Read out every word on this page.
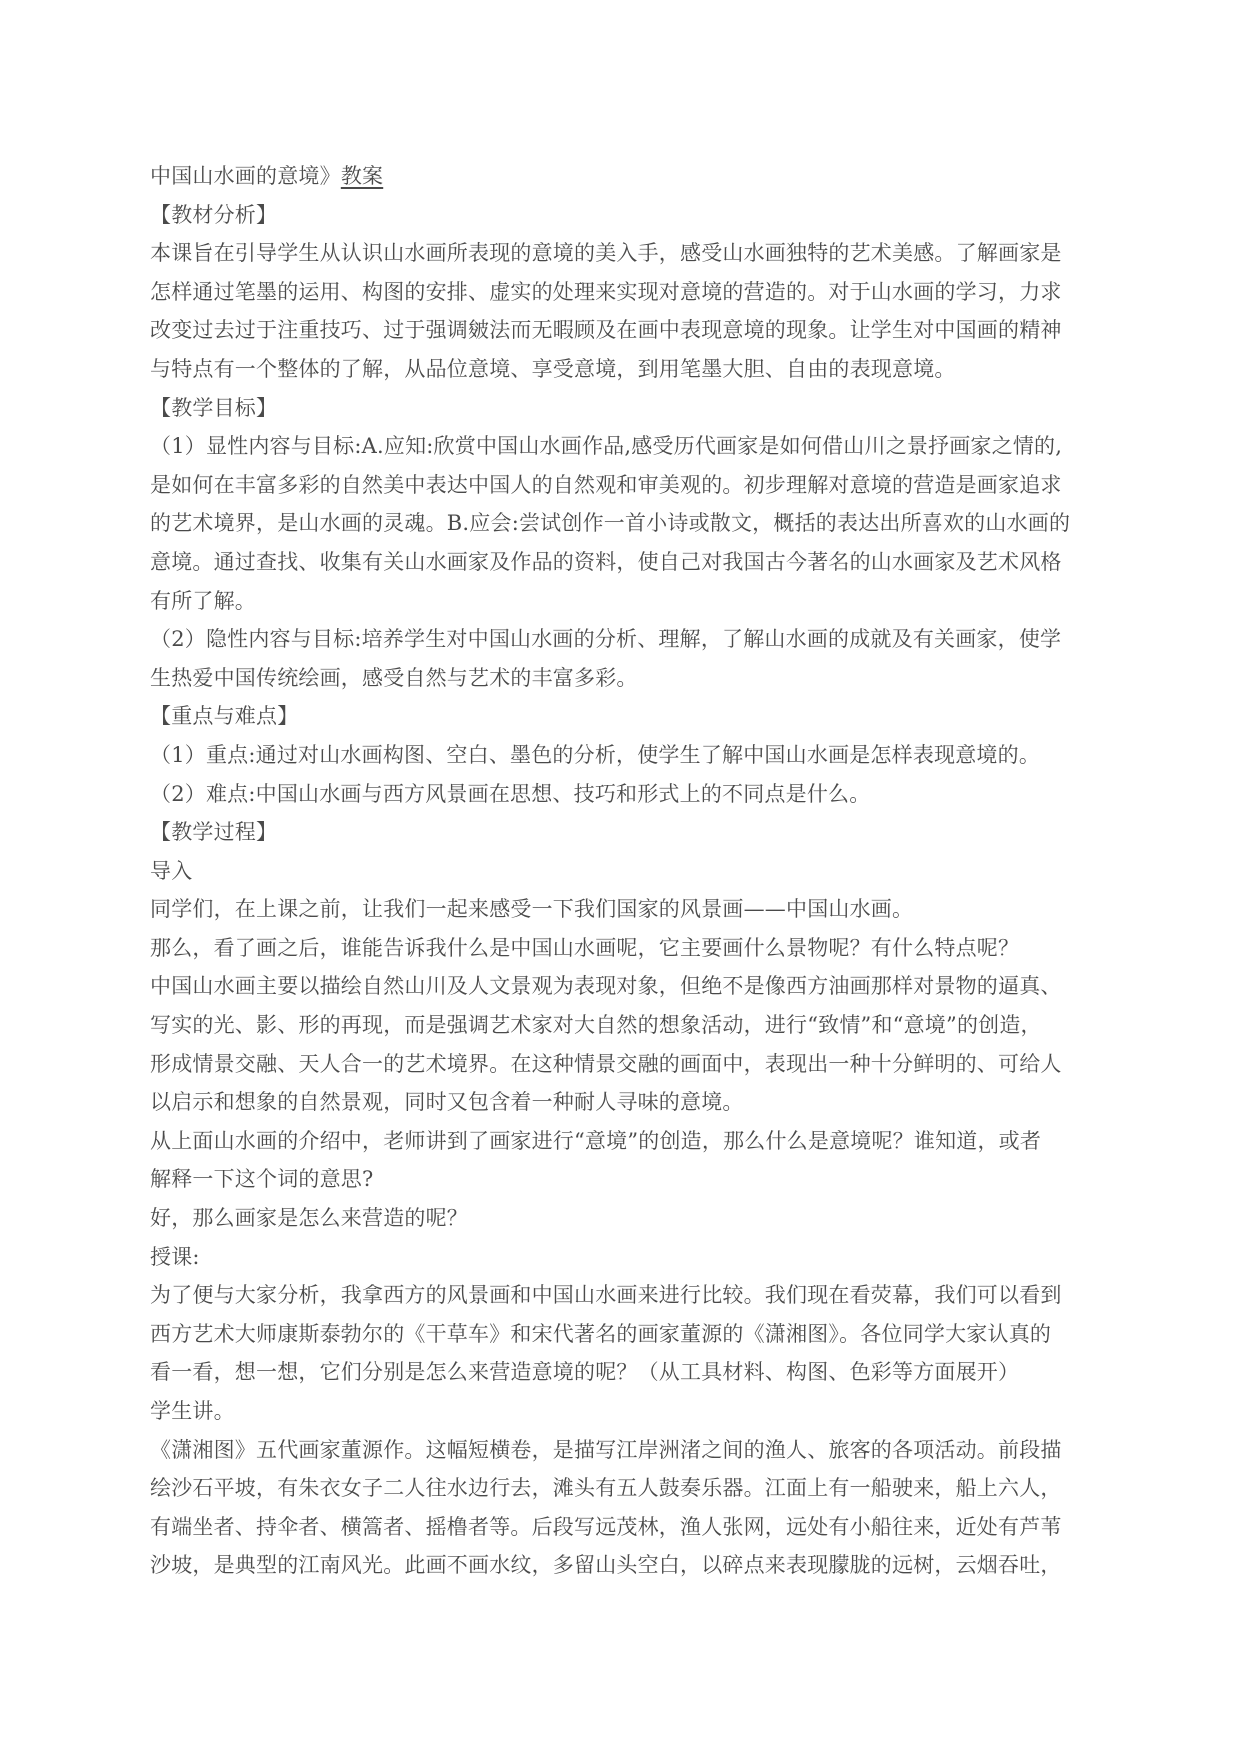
中国山水画的意境》教案

【教材分析】

本课旨在引导学生从认识山水画所表现的意境的美入手，感受山水画独特的艺术美感。了解画家是

怎样通过笔墨的运用、构图的安排、虚实的处理来实现对意境的营造的。对于山水画的学习，力求

改变过去过于注重技巧、过于强调皴法而无暇顾及在画中表现意境的现象。让学生对中国画的精神

与特点有一个整体的了解，从品位意境、享受意境，到用笔墨大胆、自由的表现意境。

【教学目标】

（1）显性内容与目标:A.应知:欣赏中国山水画作品,感受历代画家是如何借山川之景抒画家之情的,

是如何在丰富多彩的自然美中表达中国人的自然观和审美观的。初步理解对意境的营造是画家追求

的艺术境界，是山水画的灵魂。B.应会:尝试创作一首小诗或散文，概括的表达出所喜欢的山水画的

意境。通过查找、收集有关山水画家及作品的资料，使自己对我国古今著名的山水画家及艺术风格

有所了解。

（2）隐性内容与目标:培养学生对中国山水画的分析、理解，了解山水画的成就及有关画家，使学

生热爱中国传统绘画，感受自然与艺术的丰富多彩。

【重点与难点】

（1）重点:通过对山水画构图、空白、墨色的分析，使学生了解中国山水画是怎样表现意境的。

（2）难点:中国山水画与西方风景画在思想、技巧和形式上的不同点是什么。

【教学过程】

导入

同学们，在上课之前，让我们一起来感受一下我们国家的风景画——中国山水画。

那么，看了画之后，谁能告诉我什么是中国山水画呢，它主要画什么景物呢？有什么特点呢？

中国山水画主要以描绘自然山川及人文景观为表现对象，但绝不是像西方油画那样对景物的逼真、

写实的光、影、形的再现，而是强调艺术家对大自然的想象活动，进行“致情”和“意境”的创造，

形成情景交融、天人合一的艺术境界。在这种情景交融的画面中，表现出一种十分鲜明的、可给人

以启示和想象的自然景观，同时又包含着一种耐人寻味的意境。

从上面山水画的介绍中，老师讲到了画家进行“意境”的创造，那么什么是意境呢？谁知道，或者

解释一下这个词的意思?

好，那么画家是怎么来营造的呢？

授课:

为了便与大家分析，我拿西方的风景画和中国山水画来进行比较。我们现在看荧幕，我们可以看到

西方艺术大师康斯泰勃尔的《干草车》和宋代著名的画家董源的《潇湘图》。各位同学大家认真的

看一看，想一想，它们分别是怎么来营造意境的呢？（从工具材料、构图、色彩等方面展开）

学生讲。

《潇湘图》五代画家董源作。这幅短横卷，是描写江岸洲渚之间的渔人、旅客的各项活动。前段描

绘沙石平坡，有朱衣女子二人往水边行去，滩头有五人鼓奏乐器。江面上有一船驶来，船上六人，

有端坐者、持伞者、横篙者、摇橹者等。后段写远茂林，渔人张网，远处有小船往来，近处有芦苇

沙坡，是典型的江南风光。此画不画水纹，多留山头空白，以碎点来表现朦胧的远树，云烟吞吐，
